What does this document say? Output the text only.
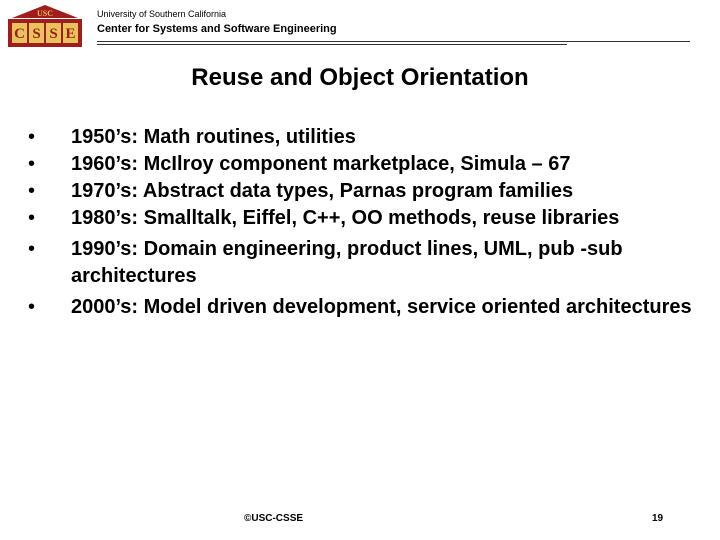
USC
C S S E
University of Southern California
Center for Systems and Software Engineering
Reuse and Object Orientation
• 1950’s: Math routines, utilities
• 1960’s: McIlroy component marketplace, Simula – 67
• 1970’s: Abstract data types, Parnas program families
• 1980’s: Smalltalk, Eiffel, C++, OO methods, reuse libraries
• 1990’s: Domain engineering, product lines, UML, pub -sub architectures
• 2000’s: Model driven development, service oriented architectures
©USC-CSSE	19
